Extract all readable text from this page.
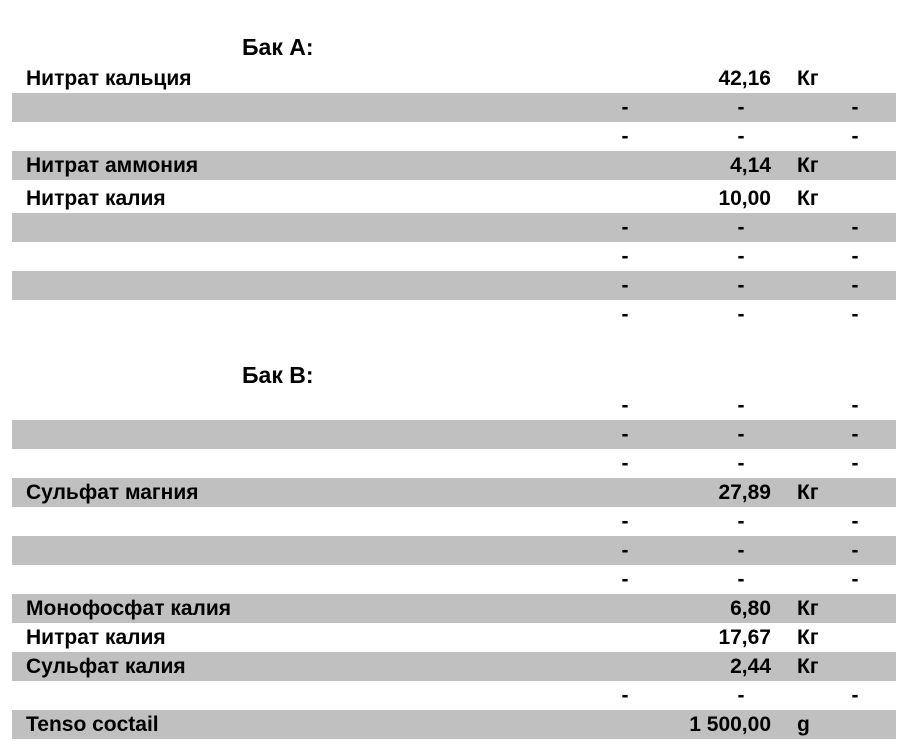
Бак А:
Нитрат кальция	42,16 Кг
-	-	-
-	-	-
Нитрат аммония	4,14 Кг
Нитрат калия	10,00 Кг
-	-	-
-	-	-
-	-	-
-	-	-
Бак B:
-	-	-
-	-	-
-	-	-
Сульфат магния	27,89 Кг
-	-	-
-	-	-
-	-	-
Монофосфат калия	6,80 Кг
Нитрат калия	17,67 Кг
Сульфат калия	2,44 Кг
-	-	-
Tenso coctail	1 500,00 g
